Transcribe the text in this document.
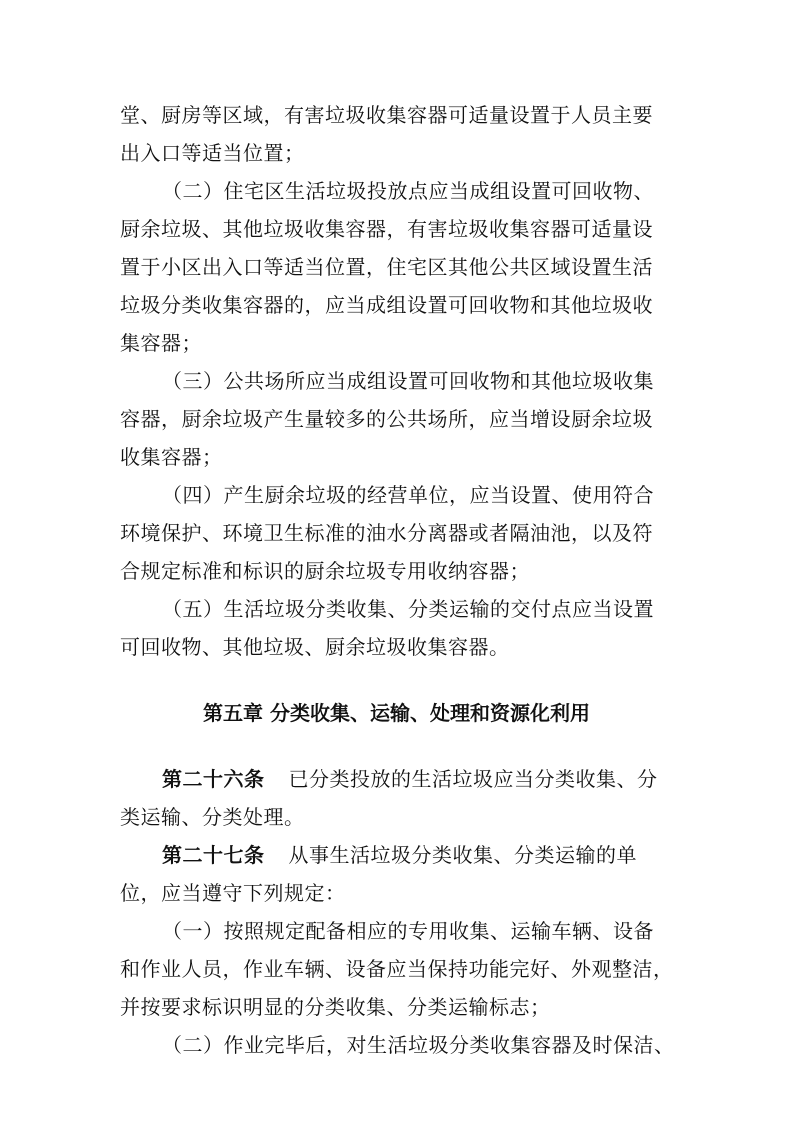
堂、厨房等区域，有害垃圾收集容器可适量设置于人员主要
出入口等适当位置；
（二）住宅区生活垃圾投放点应当成组设置可回收物、
厨余垃圾、其他垃圾收集容器，有害垃圾收集容器可适量设
置于小区出入口等适当位置，住宅区其他公共区域设置生活
垃圾分类收集容器的，应当成组设置可回收物和其他垃圾收
集容器；
（三）公共场所应当成组设置可回收物和其他垃圾收集
容器，厨余垃圾产生量较多的公共场所，应当增设厨余垃圾
收集容器；
（四）产生厨余垃圾的经营单位，应当设置、使用符合
环境保护、环境卫生标准的油水分离器或者隔油池，以及符
合规定标准和标识的厨余垃圾专用收纳容器；
（五）生活垃圾分类收集、分类运输的交付点应当设置
可回收物、其他垃圾、厨余垃圾收集容器。
第五章 分类收集、运输、处理和资源化利用
第二十六条 已分类投放的生活垃圾应当分类收集、分
类运输、分类处理。
第二十七条 从事生活垃圾分类收集、分类运输的单
位，应当遵守下列规定：
（一）按照规定配备相应的专用收集、运输车辆、设备
和作业人员，作业车辆、设备应当保持功能完好、外观整洁，
并按要求标识明显的分类收集、分类运输标志；
（二）作业完毕后，对生活垃圾分类收集容器及时保洁、
